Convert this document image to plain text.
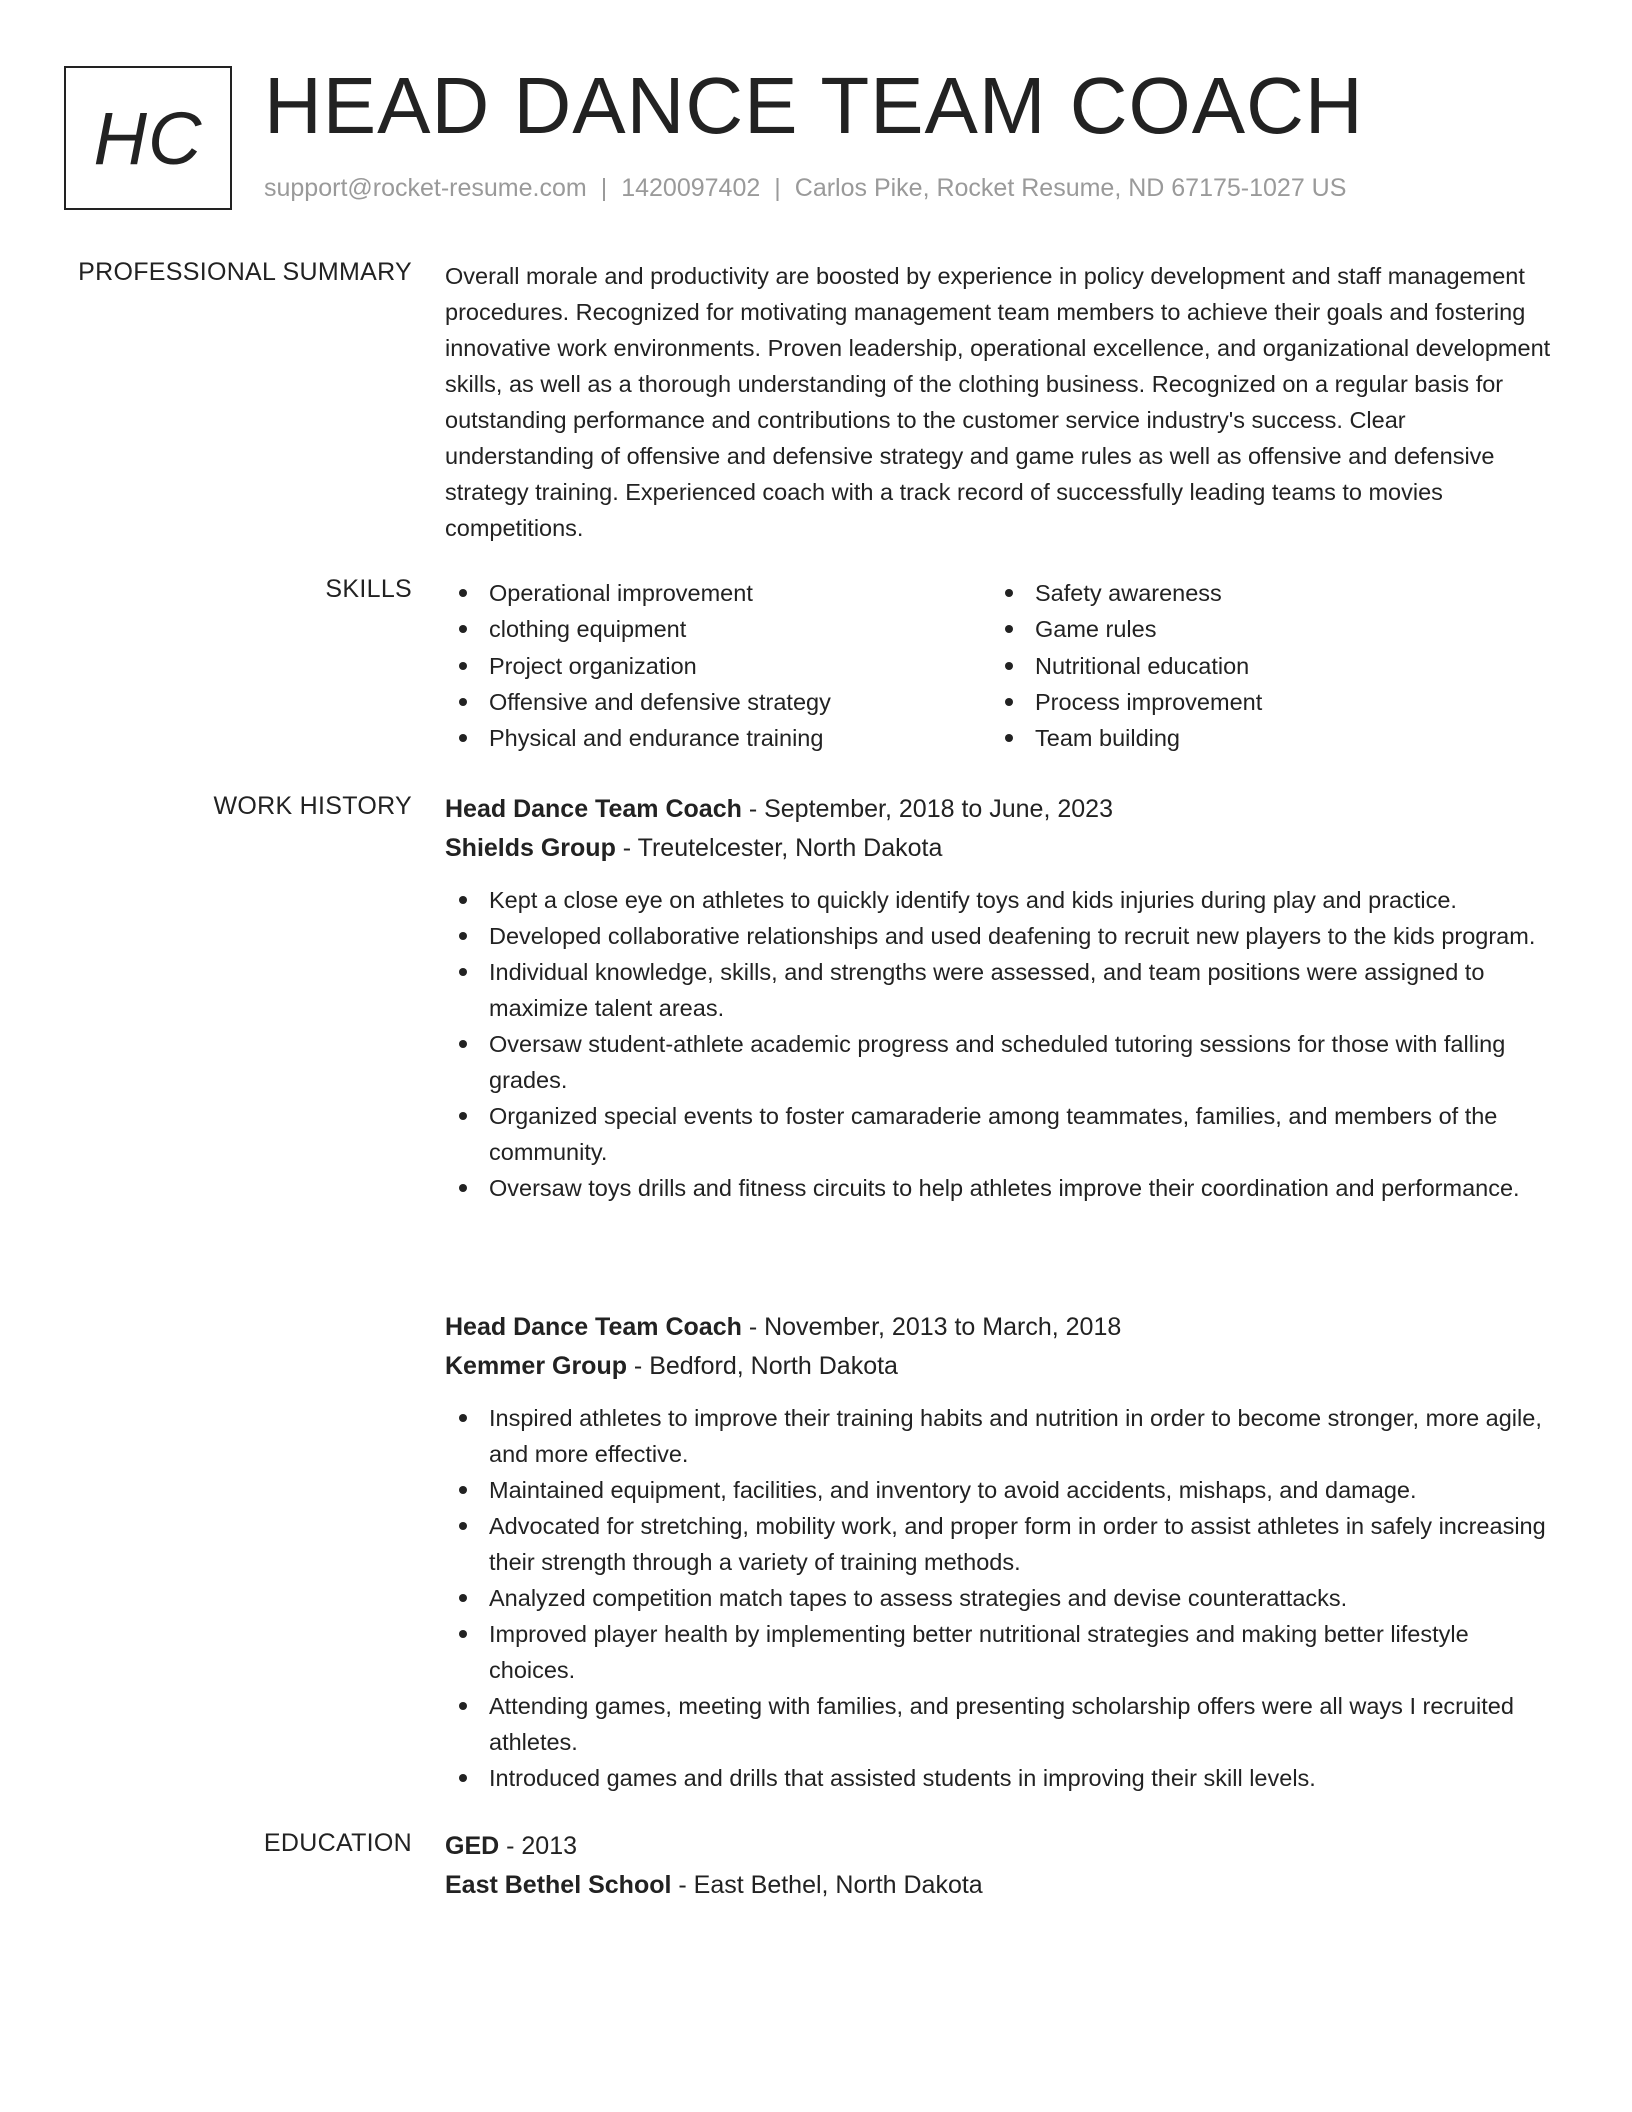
HC HEAD DANCE TEAM COACH
support@rocket-resume.com | 1420097402 | Carlos Pike, Rocket Resume, ND 67175-1027 US
PROFESSIONAL SUMMARY Overall morale and productivity are boosted by experience in policy development and staff management procedures. Recognized for motivating management team members to achieve their goals and fostering innovative work environments. Proven leadership, operational excellence, and organizational development skills, as well as a thorough understanding of the clothing business. Recognized on a regular basis for outstanding performance and contributions to the customer service industry's success. Clear understanding of offensive and defensive strategy and game rules as well as offensive and defensive strategy training. Experienced coach with a track record of successfully leading teams to movies competitions.

SKILLS	Operational improvement
clothing equipment
Project organization
Offensive and defensive strategy
Physical and endurance training
Safety awareness
Game rules
Nutritional education
Process improvement
Team building
WORK HISTORY Head Dance Team Coach - September, 2018 to June, 2023
Shields Group - Treutelcester, North Dakota
Kept a close eye on athletes to quickly identify toys and kids injuries during play and practice.
Developed collaborative relationships and used deafening to recruit new players to the kids program.
Individual knowledge, skills, and strengths were assessed, and team positions were assigned to maximize talent areas.
Oversaw student-athlete academic progress and scheduled tutoring sessions for those with falling grades.
Organized special events to foster camaraderie among teammates, families, and members of the community.
Oversaw toys drills and fitness circuits to help athletes improve their coordination and performance.
Head Dance Team Coach - November, 2013 to March, 2018
Kemmer Group - Bedford, North Dakota
Inspired athletes to improve their training habits and nutrition in order to become stronger, more agile, and more effective.
Maintained equipment, facilities, and inventory to avoid accidents, mishaps, and damage.
Advocated for stretching, mobility work, and proper form in order to assist athletes in safely increasing their strength through a variety of training methods.
Analyzed competition match tapes to assess strategies and devise counterattacks.
Improved player health by implementing better nutritional strategies and making better lifestyle choices.
Attending games, meeting with families, and presenting scholarship offers were all ways I recruited athletes.
Introduced games and drills that assisted students in improving their skill levels.
EDUCATION GED - 2013
East Bethel School - East Bethel, North Dakota
